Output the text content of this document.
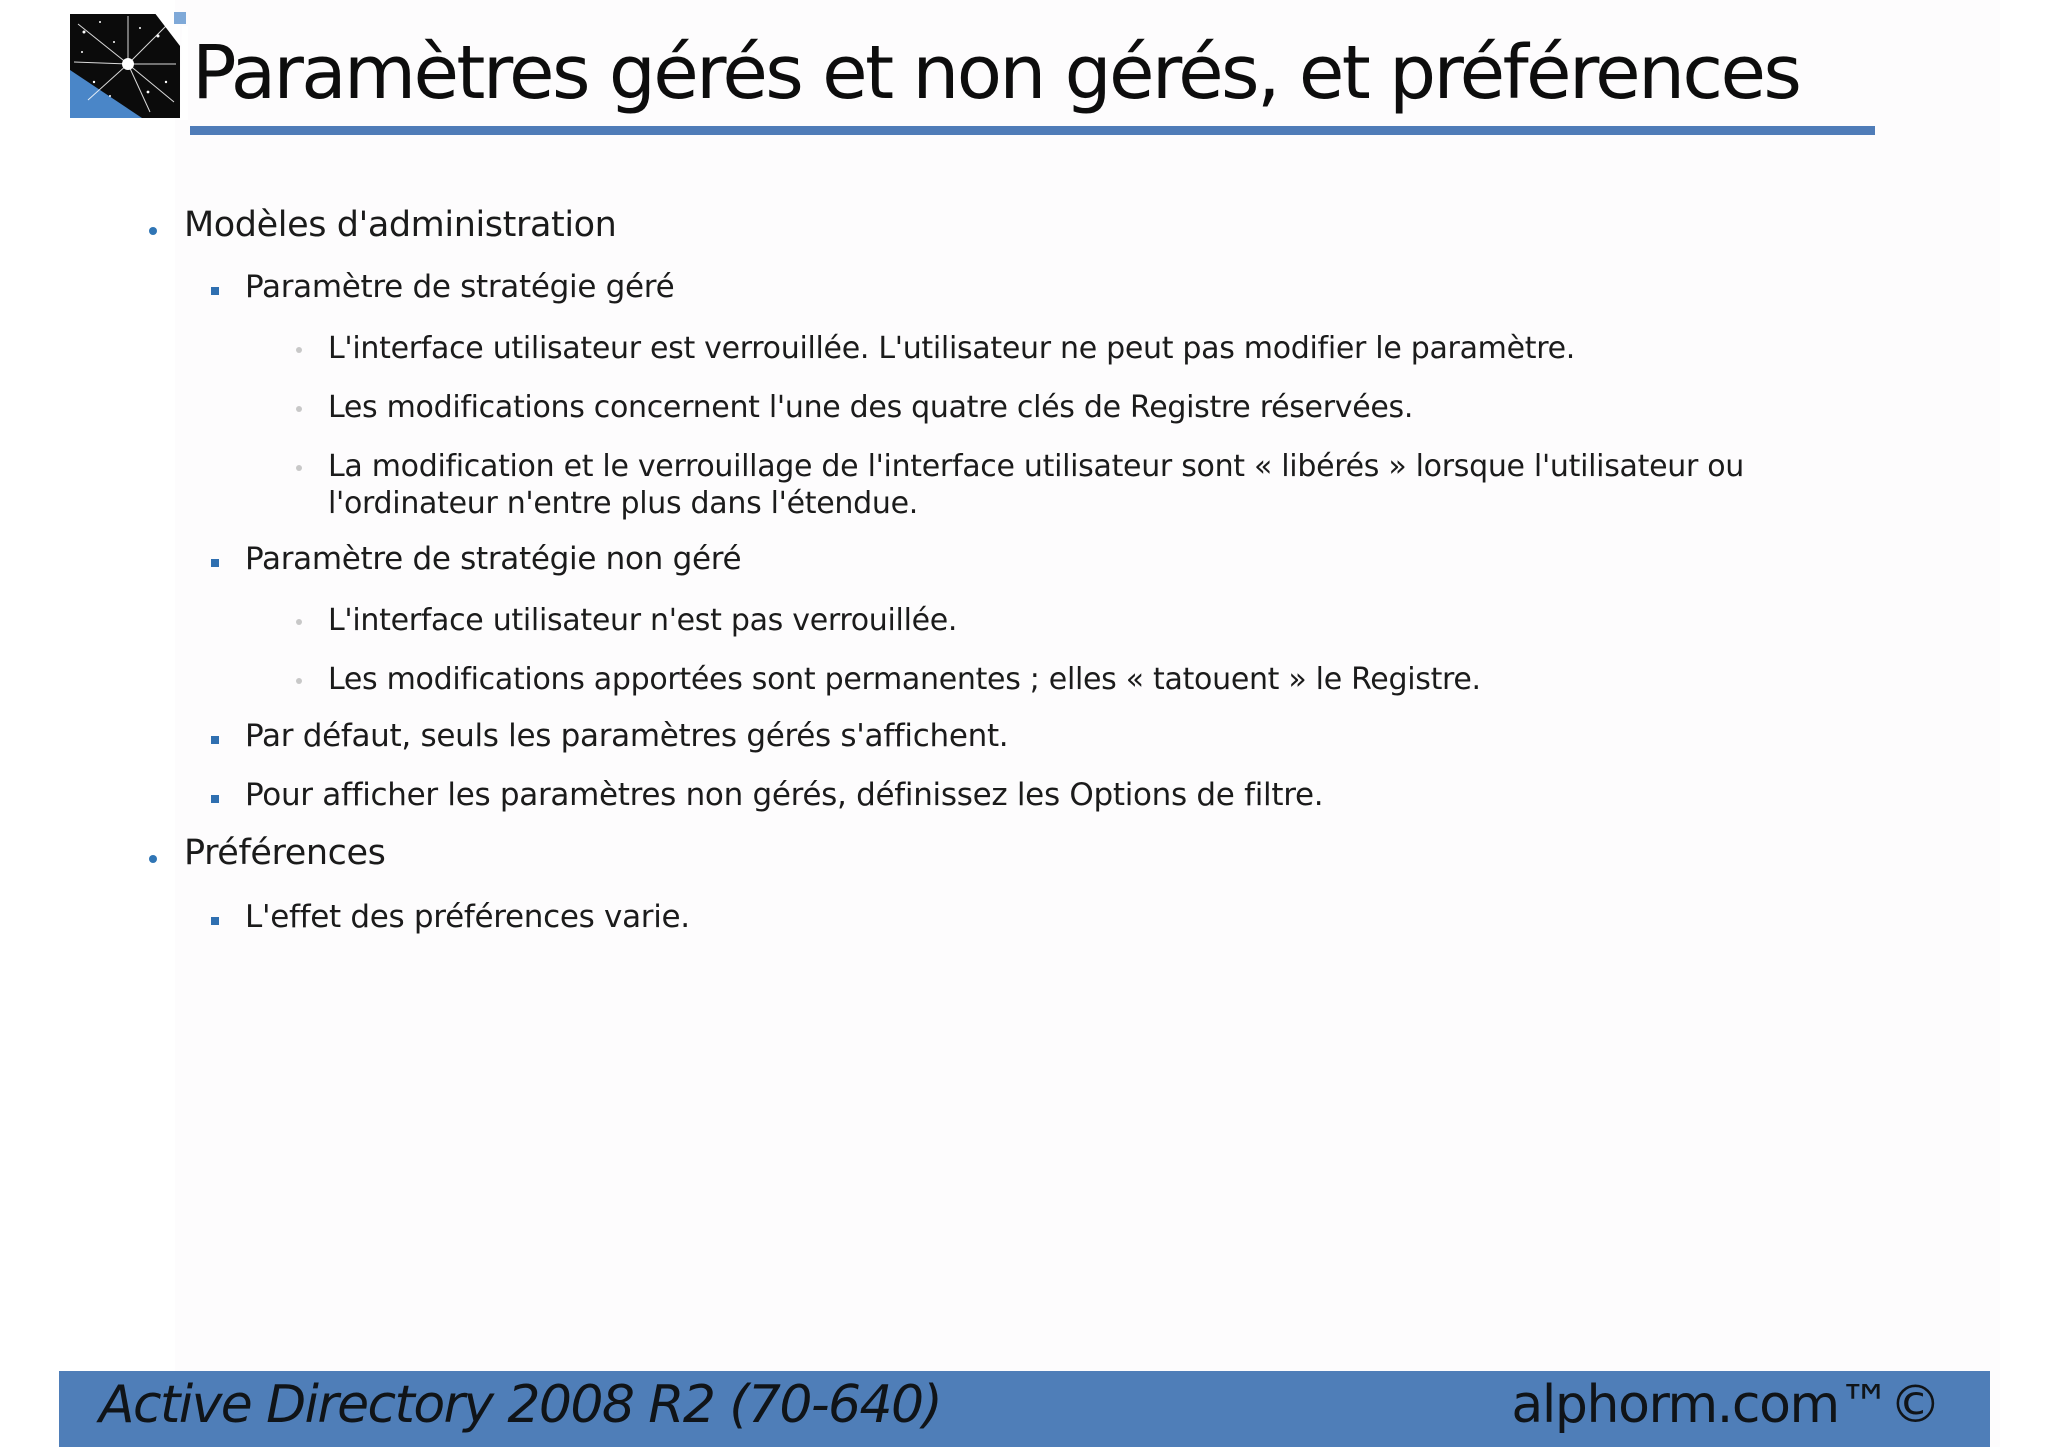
Paramètres gérés et non gérés, et préférences
Modèles d'administration
Paramètre de stratégie géré
L'interface utilisateur est verrouillée. L'utilisateur ne peut pas modifier le paramètre.
Les modifications concernent l'une des quatre clés de Registre réservées.
La modification et le verrouillage de l'interface utilisateur sont « libérés » lorsque l'utilisateur ou l'ordinateur n'entre plus dans l'étendue.
Paramètre de stratégie non géré
L'interface utilisateur n'est pas verrouillée.
Les modifications apportées sont permanentes ; elles « tatouent » le Registre.
Par défaut, seuls les paramètres gérés s'affichent.
Pour afficher les paramètres non gérés, définissez les Options de filtre.
Préférences
L'effet des préférences varie.
Active Directory 2008 R2 (70-640)	alphorm.com™©
